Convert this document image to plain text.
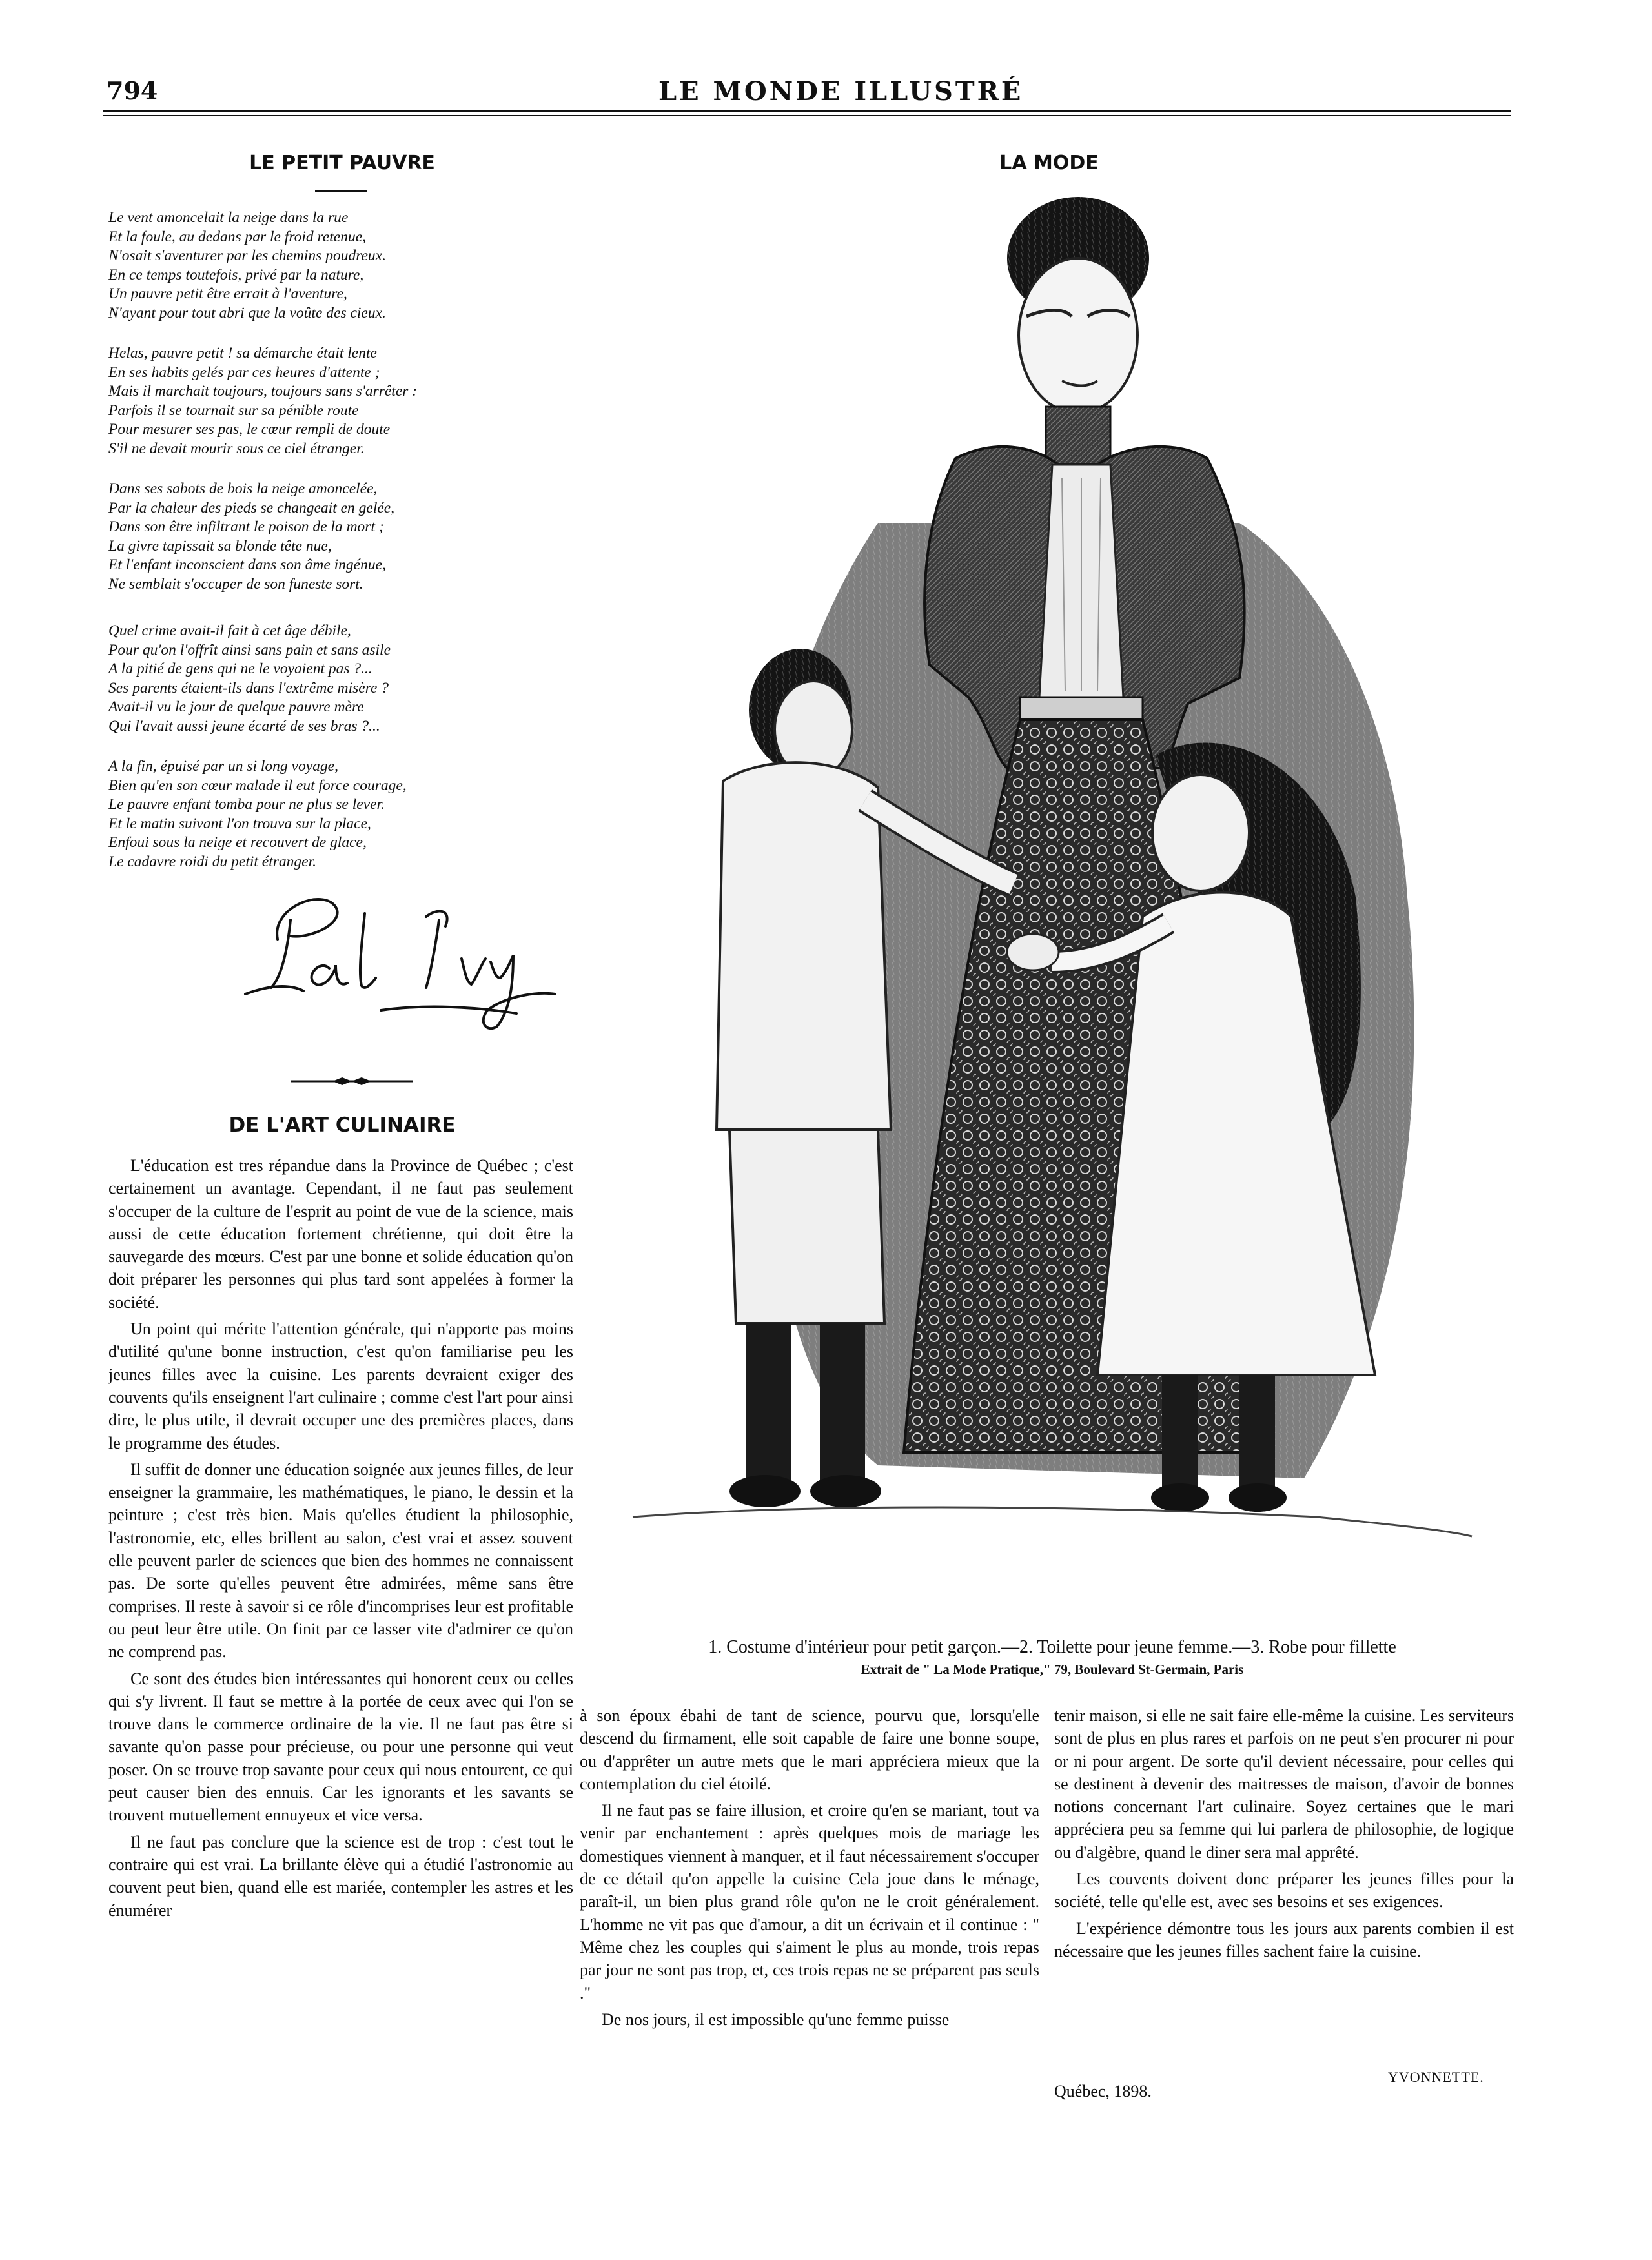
794	LE MONDE ILLUSTRÉ
LE PETIT PAUVRE
Le vent amoncelait la neige dans la rue
Et la foule, au dedans par le froid retenue,
N'osait s'aventurer par les chemins poudreux.
En ce temps toutefois, privé par la nature,
Un pauvre petit être errait à l'aventure,
N'ayant pour tout abri que la voûte des cieux.
Helas, pauvre petit ! sa démarche était lente
En ses habits gelés par ces heures d'attente ;
Mais il marchait toujours, toujours sans s'arrêter :
Parfois il se tournait sur sa pénible route
Pour mesurer ses pas, le cœur rempli de doute
S'il ne devait mourir sous ce ciel étranger.
Dans ses sabots de bois la neige amoncelée,
Par la chaleur des pieds se changeait en gelée,
Dans son être infiltrant le poison de la mort ;
La givre tapissait sa blonde tête nue,
Et l'enfant inconscient dans son âme ingénue,
Ne semblait s'occuper de son funeste sort.
Quel crime avait-il fait à cet âge débile,
Pour qu'on l'offrît ainsi sans pain et sans asile
A la pitié de gens qui ne le voyaient pas ?...
Ses parents étaient-ils dans l'extrême misère ?
Avait-il vu le jour de quelque pauvre mère
Qui l'avait aussi jeune écarté de ses bras ?...
A la fin, épuisé par un si long voyage,
Bien qu'en son cœur malade il eut force courage,
Le pauvre enfant tomba pour ne plus se lever.
Et le matin suivant l'on trouva sur la place,
Enfoui sous la neige et recouvert de glace,
Le cadavre roidi du petit étranger.
DE L'ART CULINAIRE

L'éducation est tres répandue dans la Province de Québec ; c'est certainement un avantage. Cependant, il ne faut pas seulement s'occuper de la culture de l'esprit au point de vue de la science, mais aussi de cette éducation fortement chrétienne, qui doit être la sauvegarde des mœurs. C'est par une bonne et solide éducation qu'on doit préparer les personnes qui plus tard sont appelées à former la société.

Un point qui mérite l'attention générale, qui n'apporte pas moins d'utilité qu'une bonne instruction, c'est qu'on familiarise peu les jeunes filles avec la cuisine. Les parents devraient exiger des couvents qu'ils enseignent l'art culinaire ; comme c'est l'art pour ainsi dire, le plus utile, il devrait occuper une des premières places, dans le programme des études.

Il suffit de donner une éducation soignée aux jeunes filles, de leur enseigner la grammaire, les mathématiques, le piano, le dessin et la peinture ; c'est très bien. Mais qu'elles étudient la philosophie, l'astronomie, etc, elles brillent au salon, c'est vrai et assez souvent elle peuvent parler de sciences que bien des hommes ne connaissent pas. De sorte qu'elles peuvent être admirées, même sans être comprises. Il reste à savoir si ce rôle d'incomprises leur est profitable ou peut leur être utile. On finit par ce lasser vite d'admirer ce qu'on ne comprend pas.

Ce sont des études bien intéressantes qui honorent ceux ou celles qui s'y livrent. Il faut se mettre à la portée de ceux avec qui l'on se trouve dans le commerce ordinaire de la vie. Il ne faut pas être si savante qu'on passe pour précieuse, ou pour une personne qui veut poser. On se trouve trop savante pour ceux qui nous entourent, ce qui peut causer bien des ennuis. Car les ignorants et les savants se trouvent mutuellement ennuyeux et vice versa.

Il ne faut pas conclure que la science est de trop : c'est tout le contraire qui est vrai. La brillante élève qui a étudié l'astronomie au couvent peut bien, quand elle est mariée, contempler les astres et les énumérer

LA MODE
1. Costume d'intérieur pour petit garçon.—2. Toilette pour jeune femme.—3. Robe pour fillette
Extrait de " La Mode Pratique," 79, Boulevard St-Germain, Paris

à son époux ébahi de tant de science, pourvu que, lorsqu'elle descend du firmament, elle soit capable de faire une bonne soupe, ou d'apprêter un autre mets que le mari appréciera mieux que la contemplation du ciel étoilé.

Il ne faut pas se faire illusion, et croire qu'en se mariant, tout va venir par enchantement : après quelques mois de mariage les domestiques viennent à manquer, et il faut nécessairement s'occuper de ce détail qu'on appelle la cuisine Cela joue dans le ménage, paraît-il, un bien plus grand rôle qu'on ne le croit généralement. L'homme ne vit pas que d'amour, a dit un écrivain et il continue : " Même chez les couples qui s'aiment le plus au monde, trois repas par jour ne sont pas trop, et, ces trois repas ne se préparent pas seuls ."

De nos jours, il est impossible qu'une femme puisse

tenir maison, si elle ne sait faire elle-même la cuisine. Les serviteurs sont de plus en plus rares et parfois on ne peut s'en procurer ni pour or ni pour argent. De sorte qu'il devient nécessaire, pour celles qui se destinent à devenir des maitresses de maison, d'avoir de bonnes notions concernant l'art culinaire. Soyez certaines que le mari appréciera peu sa femme qui lui parlera de philosophie, de logique ou d'algèbre, quand le diner sera mal apprêté.

Les couvents doivent donc préparer les jeunes filles pour la société, telle qu'elle est, avec ses besoins et ses exigences.

L'expérience démontre tous les jours aux parents combien il est nécessaire que les jeunes filles sachent faire la cuisine.

YVONNETTE.
Québec, 1898.
